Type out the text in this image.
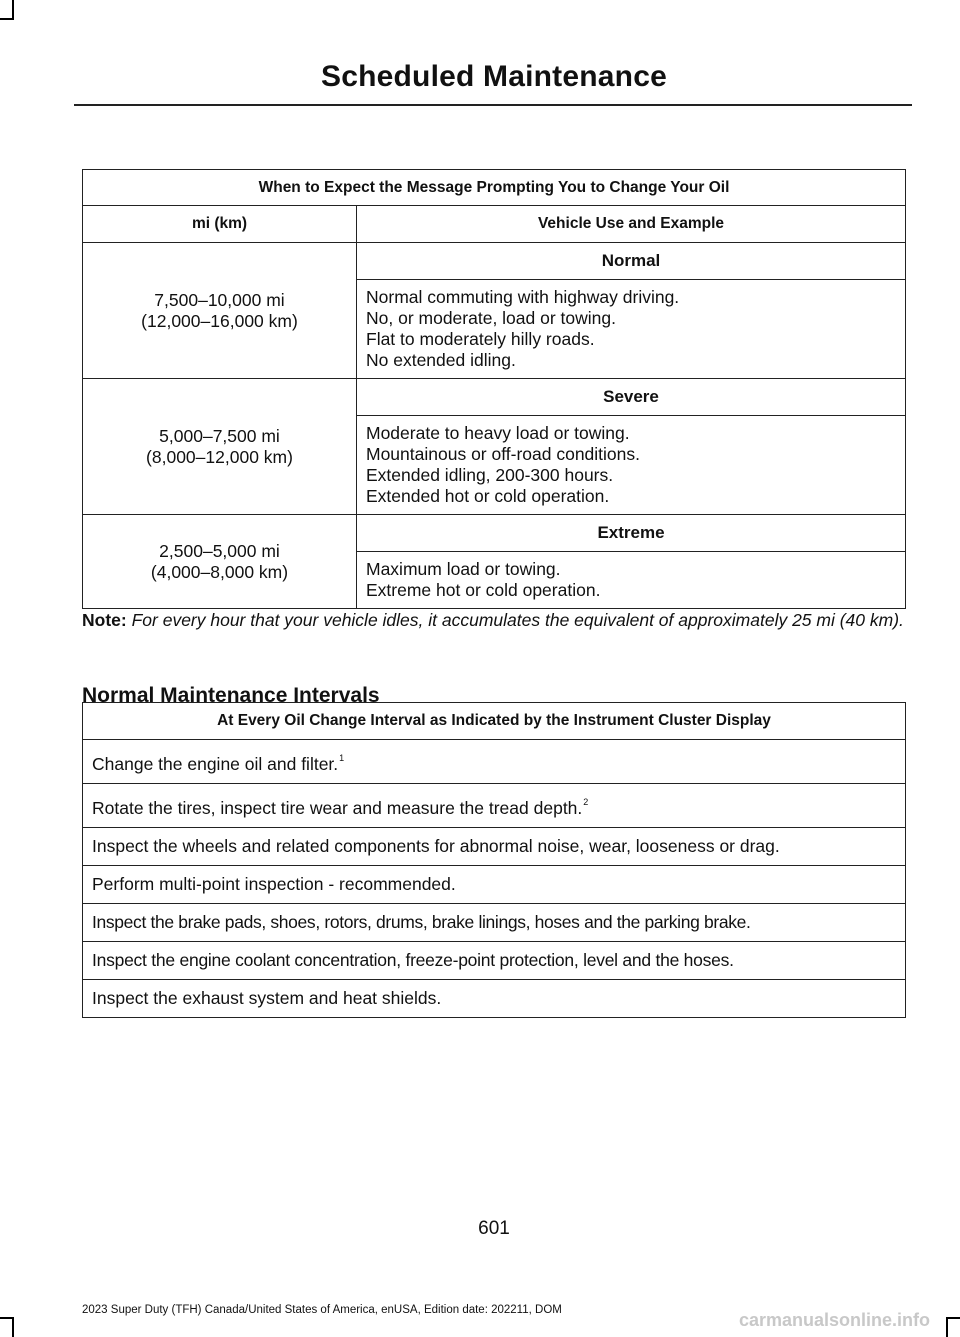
Scheduled Maintenance
When to Expect the Message Prompting You to Change Your Oil	
mi (km)	Vehicle Use and Example

7,500–10,000 mi
(12,000–16,000 km)	Normal

	Normal commuting with highway driving.
No, or moderate, load or towing.
Flat to moderately hilly roads.
No extended idling.

5,000–7,500 mi
(8,000–12,000 km)	Severe

	Moderate to heavy load or towing.
Mountainous or off-road conditions.
Extended idling, 200-300 hours.
Extended hot or cold operation.

2,500–5,000 mi
(4,000–8,000 km)	Extreme

	Maximum load or towing.
Extreme hot or cold operation.
Note: For every hour that your vehicle idles, it accumulates the equivalent of approximately 25 mi (40 km).
Normal Maintenance Intervals
At Every Oil Change Interval as Indicated by the Instrument Cluster Display
Change the engine oil and filter.$^1$
Rotate the tires, inspect tire wear and measure the tread depth.$^2$
Inspect the wheels and related components for abnormal noise, wear, looseness or drag.
Perform multi-point inspection - recommended.
Inspect the brake pads, shoes, rotors, drums, brake linings, hoses and the parking brake.
Inspect the engine coolant concentration, freeze-point protection, level and the hoses.
Inspect the exhaust system and heat shields.
601
2023 Super Duty (TFH) Canada/United States of America, enUSA, Edition date: 202211, DOM	carmanualsonline.info
